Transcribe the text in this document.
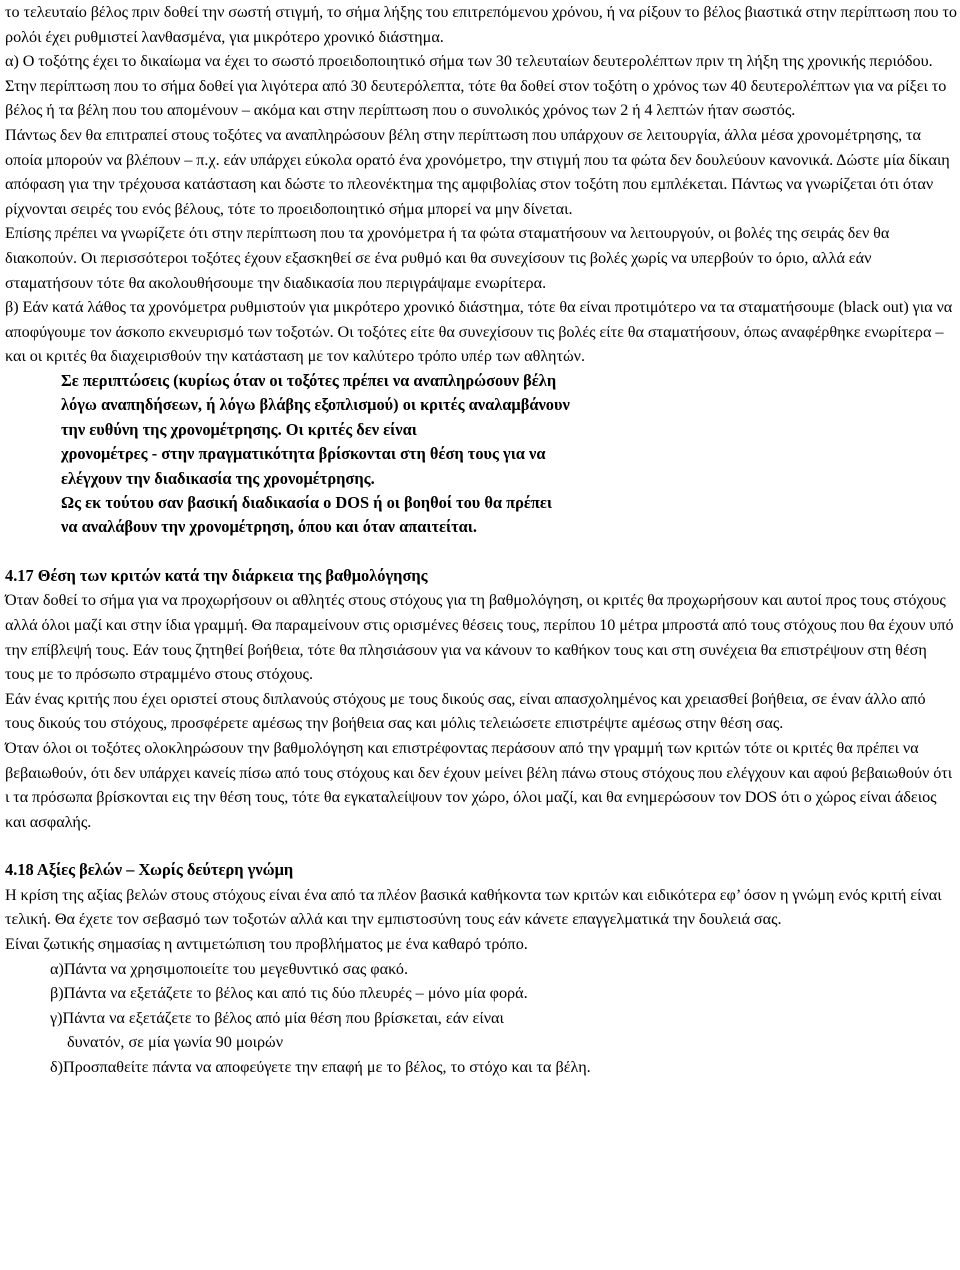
το τελευταίο βέλος πριν δοθεί την σωστή στιγμή, το σήμα λήξης του επιτρεπόμενου χρόνου, ή να ρίξουν το βέλος βιαστικά στην περίπτωση που το ρολόι έχει ρυθμιστεί λανθασμένα, για μικρότερο χρονικό διάστημα.

α) Ο τοξότης έχει το δικαίωμα να έχει το σωστό προειδοποιητικό σήμα των 30 τελευταίων δευτερολέπτων πριν τη λήξη της χρονικής περιόδου. Στην περίπτωση που το σήμα δοθεί για λιγότερα από 30 δευτερόλεπτα, τότε θα δοθεί στον τοξότη ο χρόνος των 40 δευτερολέπτων για να ρίξει το βέλος ή τα βέλη που του απομένουν – ακόμα και στην περίπτωση που ο συνολικός χρόνος των 2 ή 4 λεπτών ήταν σωστός.

Πάντως δεν θα επιτραπεί στους τοξότες να αναπληρώσουν βέλη στην περίπτωση που υπάρχουν σε λειτουργία, άλλα μέσα χρονομέτρησης, τα οποία μπορούν να βλέπουν – π.χ. εάν υπάρχει εύκολα ορατό ένα χρονόμετρο, την στιγμή που τα φώτα δεν δουλεύουν κανονικά. Δώστε μία δίκαιη απόφαση για την τρέχουσα κατάσταση και δώστε το πλεονέκτημα της αμφιβολίας στον τοξότη που εμπλέκεται. Πάντως να γνωρίζεται ότι όταν ρίχνονται σειρές του ενός βέλους, τότε το προειδοποιητικό σήμα μπορεί να μην δίνεται.

Επίσης πρέπει να γνωρίζετε ότι στην περίπτωση που τα χρονόμετρα ή τα φώτα σταματήσουν να λειτουργούν, οι βολές της σειράς δεν θα διακοπούν. Οι περισσότεροι τοξότες έχουν εξασκηθεί σε ένα ρυθμό και θα συνεχίσουν τις βολές χωρίς να υπερβούν το όριο, αλλά εάν σταματήσουν τότε θα ακολουθήσουμε την διαδικασία που περιγράψαμε ενωρίτερα.

β) Εάν κατά λάθος τα χρονόμετρα ρυθμιστούν για μικρότερο χρονικό διάστημα, τότε θα είναι προτιμότερο να τα σταματήσουμε (black out) για να αποφύγουμε τον άσκοπο εκνευρισμό των τοξοτών. Οι τοξότες είτε θα συνεχίσουν τις βολές είτε θα σταματήσουν, όπως αναφέρθηκε ενωρίτερα – και οι κριτές θα διαχειρισθούν την κατάσταση με τον καλύτερο τρόπο υπέρ των αθλητών.

Σε περιπτώσεις (κυρίως όταν οι τοξότες πρέπει να αναπληρώσουν βέλη
λόγω αναπηδήσεων, ή λόγω βλάβης εξοπλισμού) οι κριτές αναλαμβάνουν
την ευθύνη της χρονομέτρησης. Οι κριτές δεν είναι
χρονομέτρες - στην πραγματικότητα βρίσκονται στη θέση τους για να
ελέγχουν την διαδικασία της χρονομέτρησης.
Ως εκ τούτου σαν βασική διαδικασία ο DOS ή οι βοηθοί του θα πρέπει
να αναλάβουν την χρονομέτρηση, όπου και όταν απαιτείται.

4.17 Θέση των κριτών κατά την διάρκεια της βαθμολόγησης

Όταν δοθεί το σήμα για να προχωρήσουν οι αθλητές στους στόχους για τη βαθμολόγηση, οι κριτές θα προχωρήσουν και αυτοί προς τους στόχους αλλά όλοι μαζί και στην ίδια γραμμή. Θα παραμείνουν στις ορισμένες θέσεις τους, περίπου 10 μέτρα μπροστά από τους στόχους που θα έχουν υπό την επίβλεψή τους. Εάν τους ζητηθεί βοήθεια, τότε θα πλησιάσουν για να κάνουν το καθήκον τους και στη συνέχεια θα επιστρέψουν στη θέση τους με το πρόσωπο στραμμένο στους στόχους.

Εάν ένας κριτής που έχει οριστεί στους διπλανούς στόχους με τους δικούς σας, είναι απασχολημένος και χρειασθεί βοήθεια, σε έναν άλλο από τους δικούς του στόχους, προσφέρετε αμέσως την βοήθεια σας και μόλις τελειώσετε επιστρέψτε αμέσως στην θέση σας.

Όταν όλοι οι τοξότες ολοκληρώσουν την βαθμολόγηση και επιστρέφοντας περάσουν από την γραμμή των κριτών τότε οι κριτές θα πρέπει να βεβαιωθούν, ότι δεν υπάρχει κανείς πίσω από τους στόχους και δεν έχουν μείνει βέλη πάνω στους στόχους που ελέγχουν και αφού βεβαιωθούν ότι ι τα πρόσωπα βρίσκονται εις την θέση τους, τότε θα εγκαταλείψουν τον χώρο, όλοι μαζί, και θα ενημερώσουν τον DOS ότι ο χώρος είναι άδειος και ασφαλής.

4.18 Αξίες βελών – Χωρίς δεύτερη γνώμη

Η κρίση της αξίας βελών στους στόχους είναι ένα από τα πλέον βασικά καθήκοντα των κριτών και ειδικότερα εφ’ όσον η γνώμη ενός κριτή είναι τελική. Θα έχετε τον σεβασμό των τοξοτών αλλά και την εμπιστοσύνη τους εάν κάνετε επαγγελματικά την δουλειά σας.

Είναι ζωτικής σημασίας η αντιμετώπιση του προβλήματος με ένα καθαρό τρόπο.

α)Πάντα να χρησιμοποιείτε του μεγεθυντικό σας φακό.
β)Πάντα να εξετάζετε το βέλος και από τις δύο πλευρές – μόνο μία φορά.
γ)Πάντα να εξετάζετε το βέλος από μία θέση που βρίσκεται, εάν είναι
δυνατόν, σε μία γωνία 90 μοιρών
δ)Προσπαθείτε πάντα να αποφεύγετε την επαφή με το βέλος, το στόχο και τα βέλη.
